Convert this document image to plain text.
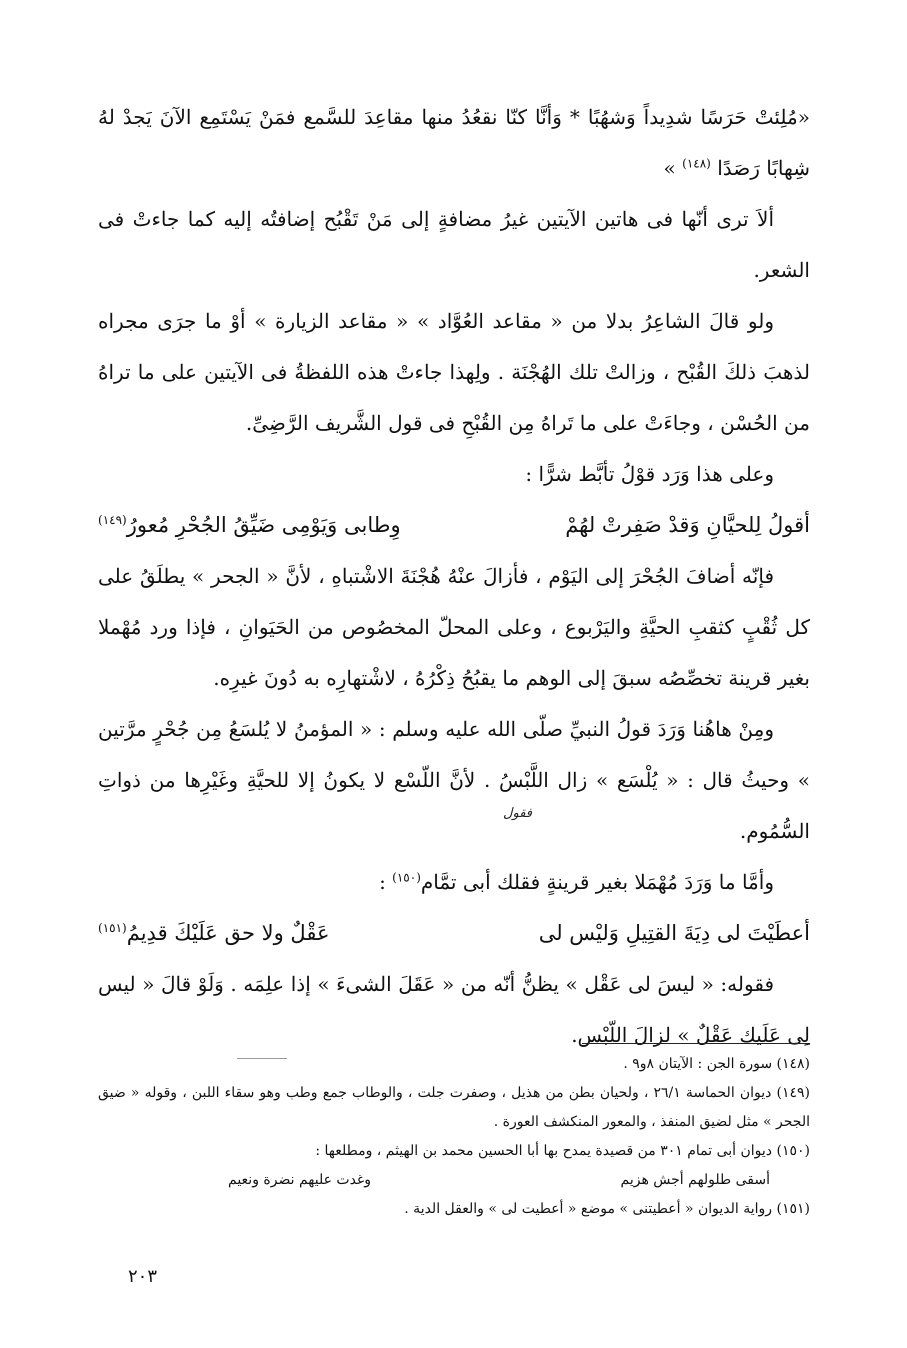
«مُلِئتْ حَرَسًا شدِيداً وَشهُبًا * وَأنَّا كنّا نقعُدُ منها مقاعِدَ للسَّمع فمَنْ يَسْتَمِع الآنَ يَجدْ لهُ شِهابًا رَصَدًا $^{(١٤٨)}$ »

ألاَ ترى أنّها فى هاتين الآيتين غيرُ مضافةٍ إلى مَنْ تَقْبُح إضافتُه إليه كما جاءتْ فى الشعر.

ولو قالَ الشاعِرُ بدلا من « مقاعد العُوَّاد » « مقاعد الزيارة » أوْ ما جرَى مجراه لذهبَ ذلكَ القُبْح ، وزالتْ تلك الهُجْنَة . ولِهذا جاءتْ هذه اللفظةُ فى الآيتين على ما تراهُ من الحُسْن ، وجاءَتْ على ما تَراهُ مِن القُبْحِ فى قول الشَّريف الرَّضِىِّ.

وعلى هذا وَرَد قوْلُ تأبَّط شرًّا :

أقولُ لِلحيَّانِ وَقدْ صَفِرتْ لهُمْ
وِطابى وَيَوْمِى ضَيِّقُ الجُحْرِ مُعورُ$^{(١٤٩)}$

فإنّه أضافَ الجُحْرَ إلى اليَوْم ، فأزالَ عنْهُ هُجْنَةَ الاشْتباهِ ، لأنَّ « الجحر » يطلَقُ على كل ثُقْبٍ كثقبِ الحيَّةِ واليَرْبوع ، وعلى المحلّ المخصُوص من الحَيَوانِ ، فإذا ورد مُهْملا بغير قرينة تخصِّصُه سبقَ إلى الوهم ما يقبُحُ ذِكْرُهُ ، لاشْتهارِه به دُونَ غيرِه.

ومِنْ هاهُنا وَرَدَ قولُ النبيِّ صلّى الله عليه وسلم : « المؤمنُ لا يُلسَعُ مِن جُحْرٍ مرَّتين » وحيثُ قال : « يُلْسَع » زال اللَّبْسُ . لأنَّ اللّسْع لا يكونُ إلا للحيَّةِ وغَيْرِها من ذواتِ السُّمُوم.

وأمَّا ما وَرَدَ مُهْمَلا بغير قرينةٍ فقلك أبى تمَّام$^{(١٥٠)}$ :

أعطَيْتَ لى دِيَةَ القتِيلِ وَليْس لى
عَقْلٌ ولا حق عَلَيْكَ قدِيمُ$^{(١٥١)}$

فقوله: « ليسَ لى عَقْل » يظنُّ أنّه من « عَقَلَ الشىءَ » إذا علِمَه . وَلَوْ قالَ « ليس لِى عَلَيك عَقْلٌ » لزالَ اللّبْس.

فقول

(١٤٨) سورة الجن : الآيتان ٨و٩ .

(١٤٩) ديوان الحماسة ٢٦/١ ، ولحيان بطن من هذيل ، وصفرت جلت ، والوطاب جمع وطب وهو سقاء اللبن ، وقوله « ضيق الجحر » مثل لضيق المنفذ ، والمعور المنكشف العورة .

(١٥٠) ديوان أبى تمام ٣٠١ من قصيدة يمدح بها أبا الحسين محمد بن الهيثم ، ومطلعها :

أسقى طلولهم أجش هزيم
وغدت عليهم نضرة ونعيم

(١٥١) رواية الديوان « أعطيتنى » موضع « أعطيت لى » والعقل الدية .

٢٠٣
